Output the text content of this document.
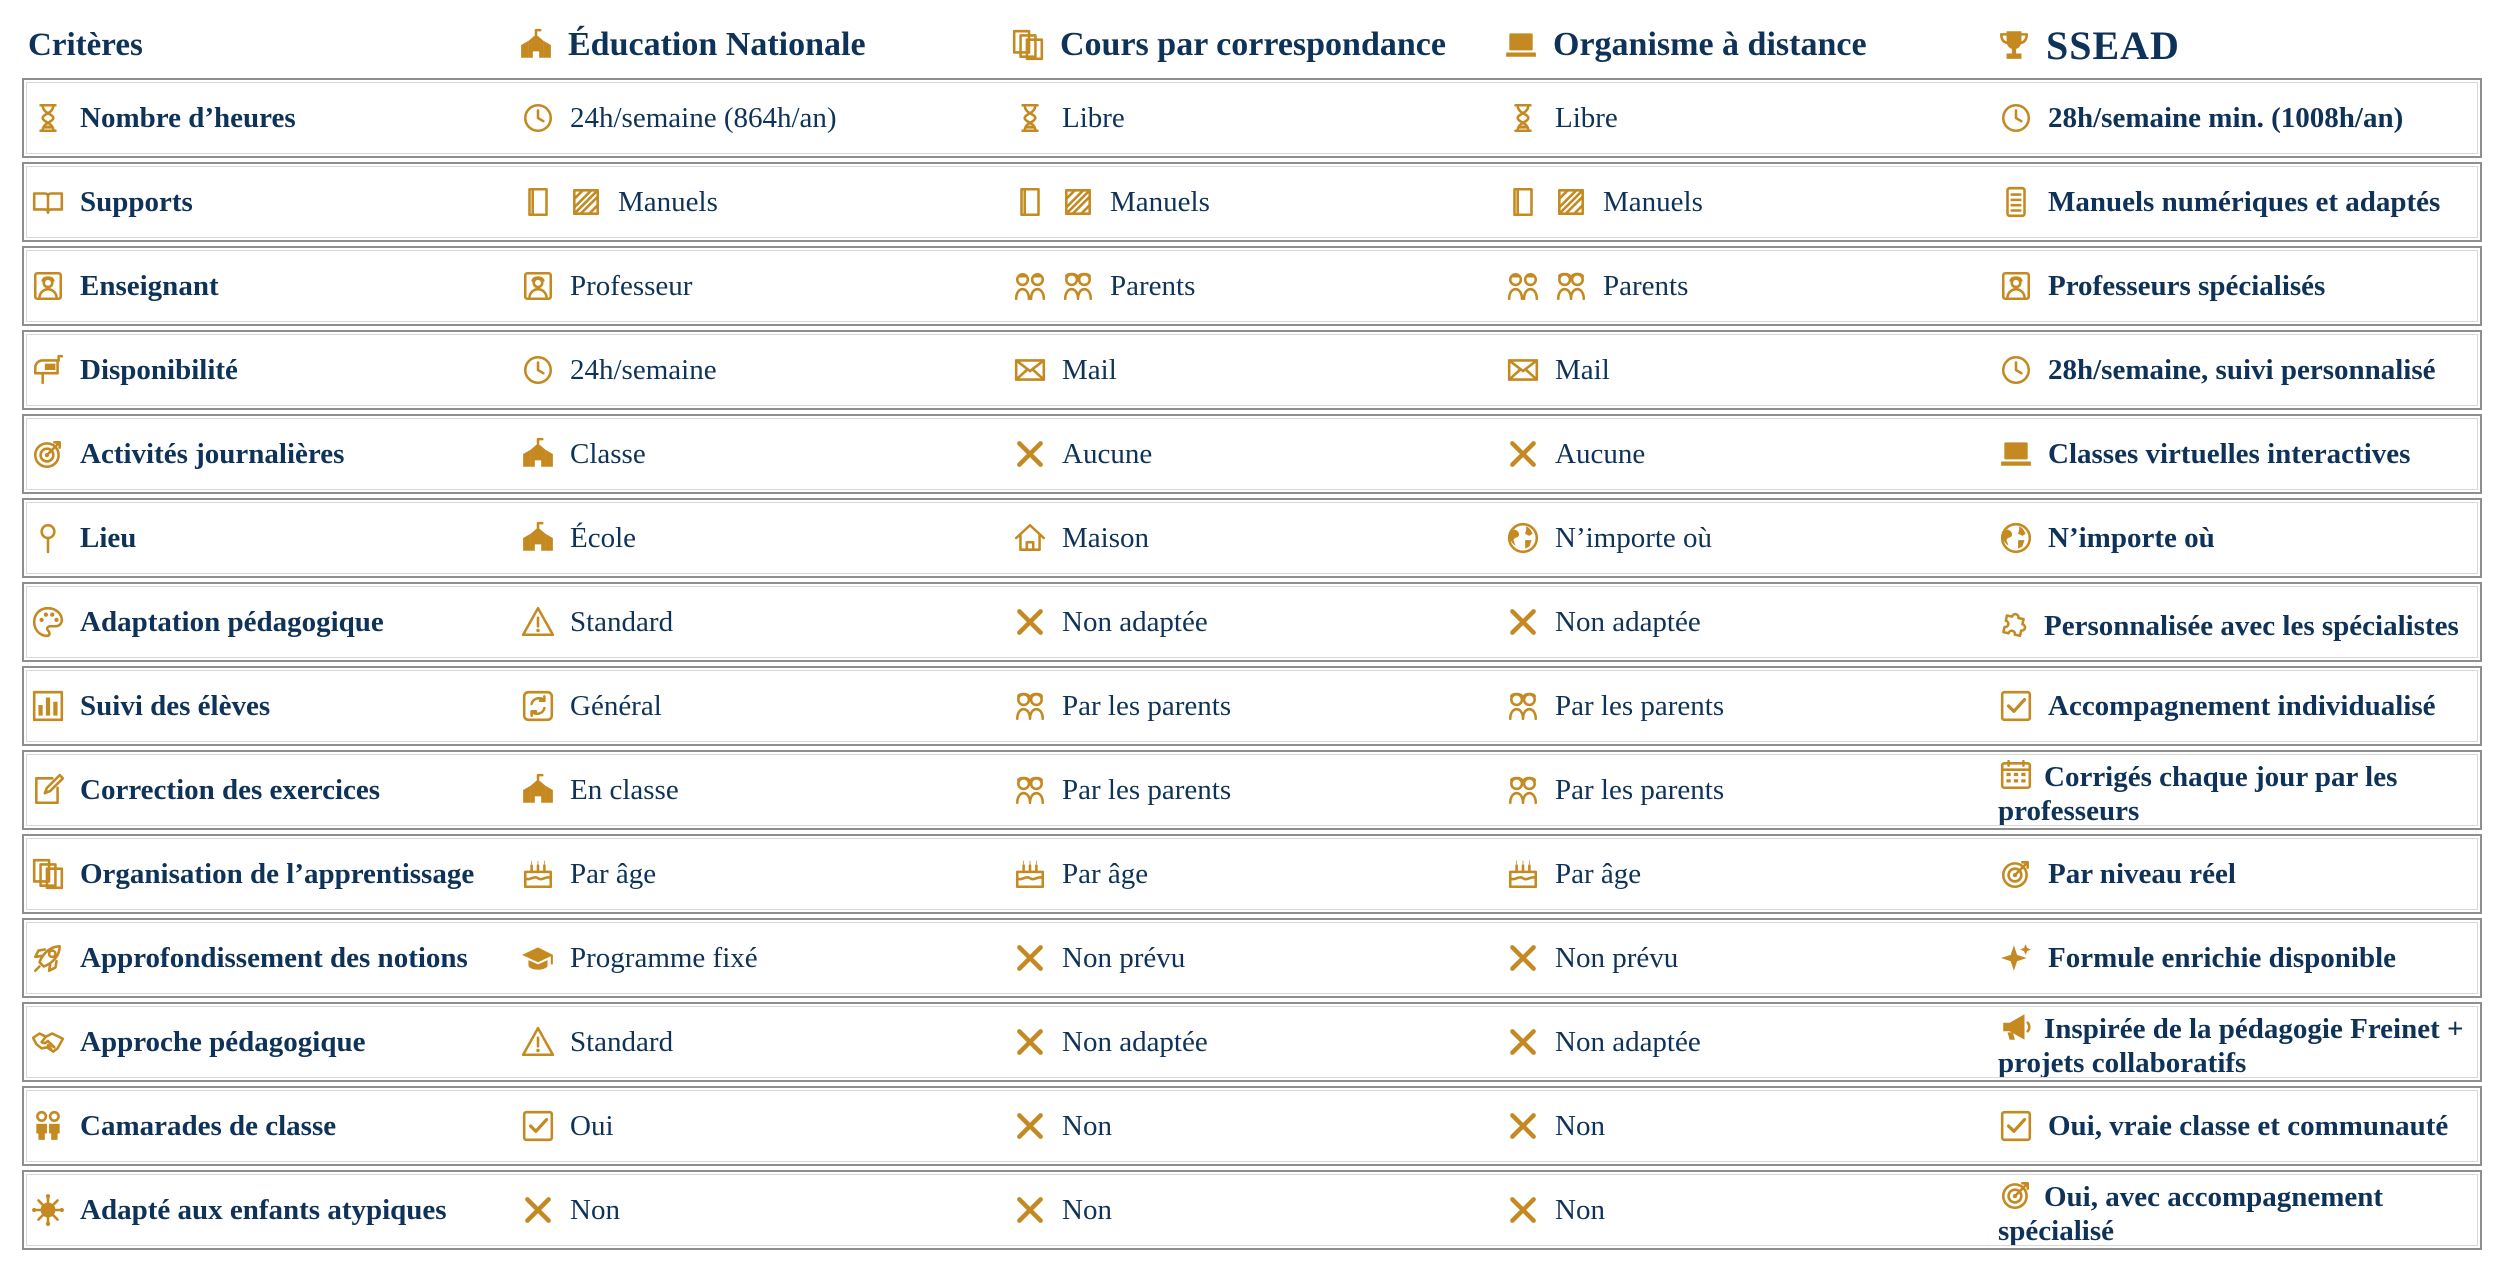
Critères	Éducation Nationale	Cours par correspondance	Organisme à distance	SSEAD
Nombre d’heures	24h/semaine (864h/an)	Libre	Libre	28h/semaine min. (1008h/an)
Supports	Manuels	Manuels	Manuels	Manuels numériques et adaptés
Enseignant	Professeur	Parents	Parents	Professeurs spécialisés
Disponibilité	24h/semaine	Mail	Mail	28h/semaine, suivi personnalisé
Activités journalières	Classe	Aucune	Aucune	Classes virtuelles interactives
Lieu	École	Maison	N’importe où	N’importe où
Adaptation pédagogique	Standard	Non adaptée	Non adaptée	Personnalisée avec les spécialistes
Suivi des élèves	Général	Par les parents	Par les parents	Accompagnement individualisé
Correction des exercices	En classe	Par les parents	Par les parents	Corrigés chaque jour par les professeurs
Organisation de l’apprentissage	Par âge	Par âge	Par âge	Par niveau réel
Approfondissement des notions	Programme fixé	Non prévu	Non prévu	Formule enrichie disponible
Approche pédagogique	Standard	Non adaptée	Non adaptée	Inspirée de la pédagogie Freinet + projets collaboratifs
Camarades de classe	Oui	Non	Non	Oui, vraie classe et communauté
Adapté aux enfants atypiques	Non	Non	Non	Oui, avec accompagnement spécialisé
